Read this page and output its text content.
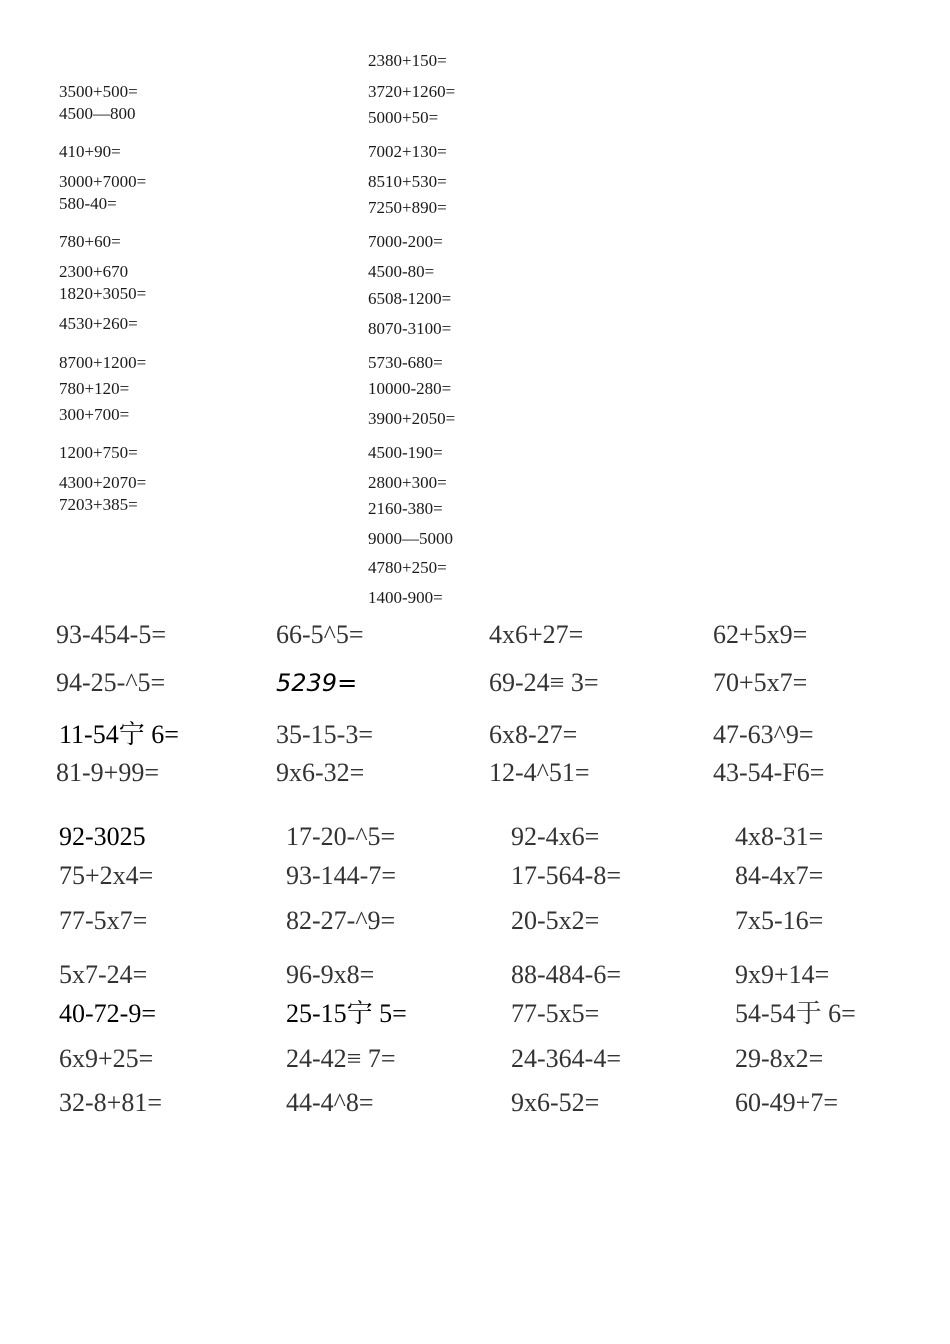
3500+500=
4500—800
410+90=
3000+7000=
580-40=
780+60=
2300+670
1820+3050=
4530+260=
8700+1200=
780+120=
300+700=
1200+750=
4300+2070=
7203+385=
2380+150=
3720+1260=
5000+50=
7002+130=
8510+530=
7250+890=
7000-200=
4500-80=
6508-1200=
8070-3100=
5730-680=
10000-280=
3900+2050=
4500-190=
2800+300=
2160-380=
9000—5000
4780+250=
1400-900=
93-454-5=	66-5^5=	4x6+27=	62+5x9=
94-25-^5=	5239=	69-24≡ 3=	70+5x7=
11-54宁 6=	35-15-3=	6x8-27=	47-63^9=
81-9+99=	9x6-32=	12-4^51=	43-54-F6=
92-3025	17-20-^5=	92-4x6=	4x8-31=
75+2x4=	93-144-7=	17-564-8=	84-4x7=
77-5x7=	82-27-^9=	20-5x2=	7x5-16=
5x7-24=	96-9x8=	88-484-6=	9x9+14=
40-72-9=	25-15宁 5=	77-5x5=	54-54于 6=
6x9+25=	24-42≡ 7=	24-364-4=	29-8x2=
32-8+81=	44-4^8=	9x6-52=	60-49+7=
